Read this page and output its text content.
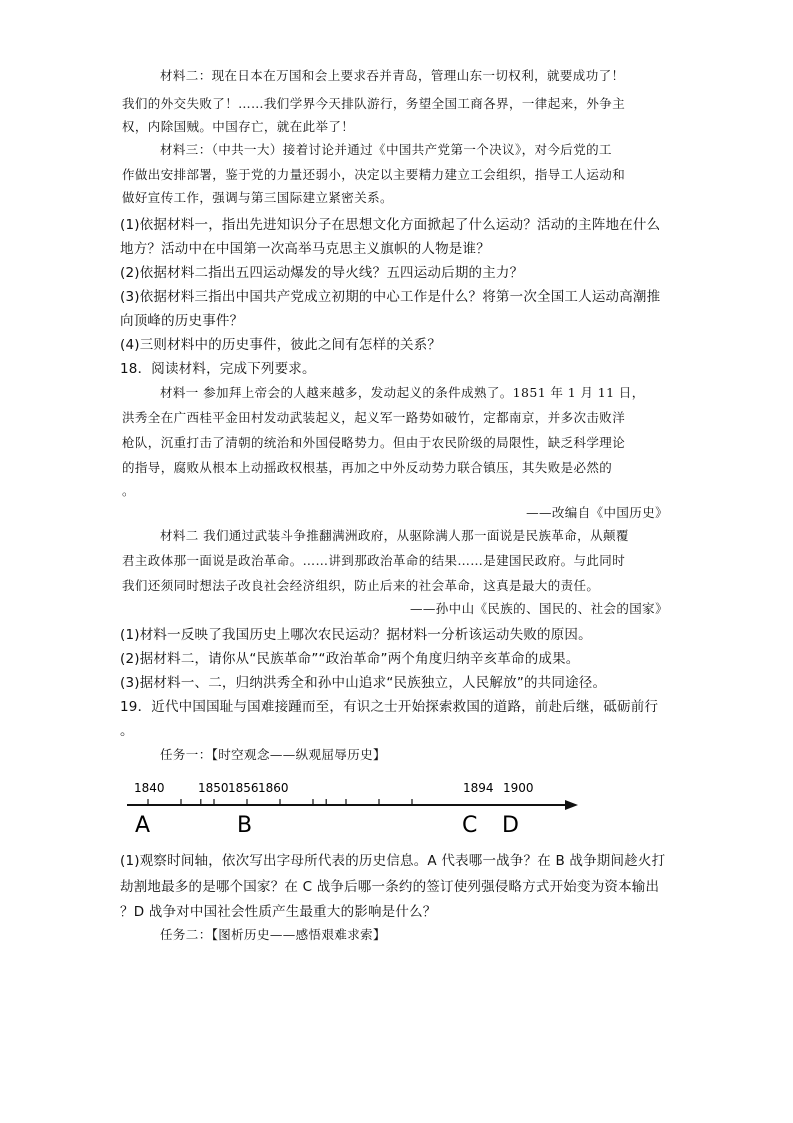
材料二：现在日本在万国和会上要求吞并青岛，管理山东一切权利，就要成功了！
我们的外交失败了！……我们学界今天排队游行，务望全国工商各界，一律起来，外争主
权，内除国贼。中国存亡，就在此举了！
材料三：（中共一大）接着讨论并通过《中国共产党第一个决议》，对今后党的工
作做出安排部署，鉴于党的力量还弱小，决定以主要精力建立工会组织，指导工人运动和
做好宣传工作，强调与第三国际建立紧密关系。
(1)依据材料一，指出先进知识分子在思想文化方面掀起了什么运动？活动的主阵地在什么
地方？活动中在中国第一次高举马克思主义旗帜的人物是谁？
(2)依据材料二指出五四运动爆发的导火线？五四运动后期的主力？
(3)依据材料三指出中国共产党成立初期的中心工作是什么？将第一次全国工人运动高潮推
向顶峰的历史事件？
(4)三则材料中的历史事件，彼此之间有怎样的关系？
18．阅读材料，完成下列要求。
材料一 参加拜上帝会的人越来越多，发动起义的条件成熟了。1851 年 1 月 11 日，
洪秀全在广西桂平金田村发动武装起义，起义军一路势如破竹，定都南京，并多次击败洋
枪队，沉重打击了清朝的统治和外国侵略势力。但由于农民阶级的局限性，缺乏科学理论
的指导，腐败从根本上动摇政权根基，再加之中外反动势力联合镇压，其失败是必然的
。
——改编自《中国历史》
材料二 我们通过武装斗争推翻满洲政府，从驱除满人那一面说是民族革命，从颠覆
君主政体那一面说是政治革命。……讲到那政治革命的结果……是建国民政府。与此同时
我们还须同时想法子改良社会经济组织，防止后来的社会革命，这真是最大的责任。
——孙中山《民族的、国民的、社会的国家》
(1)材料一反映了我国历史上哪次农民运动？据材料一分析该运动失败的原因。
(2)据材料二，请你从“民族革命”“政治革命”两个角度归纳辛亥革命的成果。
(3)据材料一、二，归纳洪秀全和孙中山追求“民族独立，人民解放”的共同途径。
19．近代中国国耻与国难接踵而至，有识之士开始探索救国的道路，前赴后继，砥砺前行
。
任务一：【时空观念——纵观屈辱历史】
1840	1850 1856 1860	1894 1900
A	B	C D
(1)观察时间轴，依次写出字母所代表的历史信息。A 代表哪一战争？在 B 战争期间趁火打
劫割地最多的是哪个国家？在 C 战争后哪一条约的签订使列强侵略方式开始变为资本输出
？D 战争对中国社会性质产生最重大的影响是什么？
任务二：【图析历史——感悟艰难求索】
